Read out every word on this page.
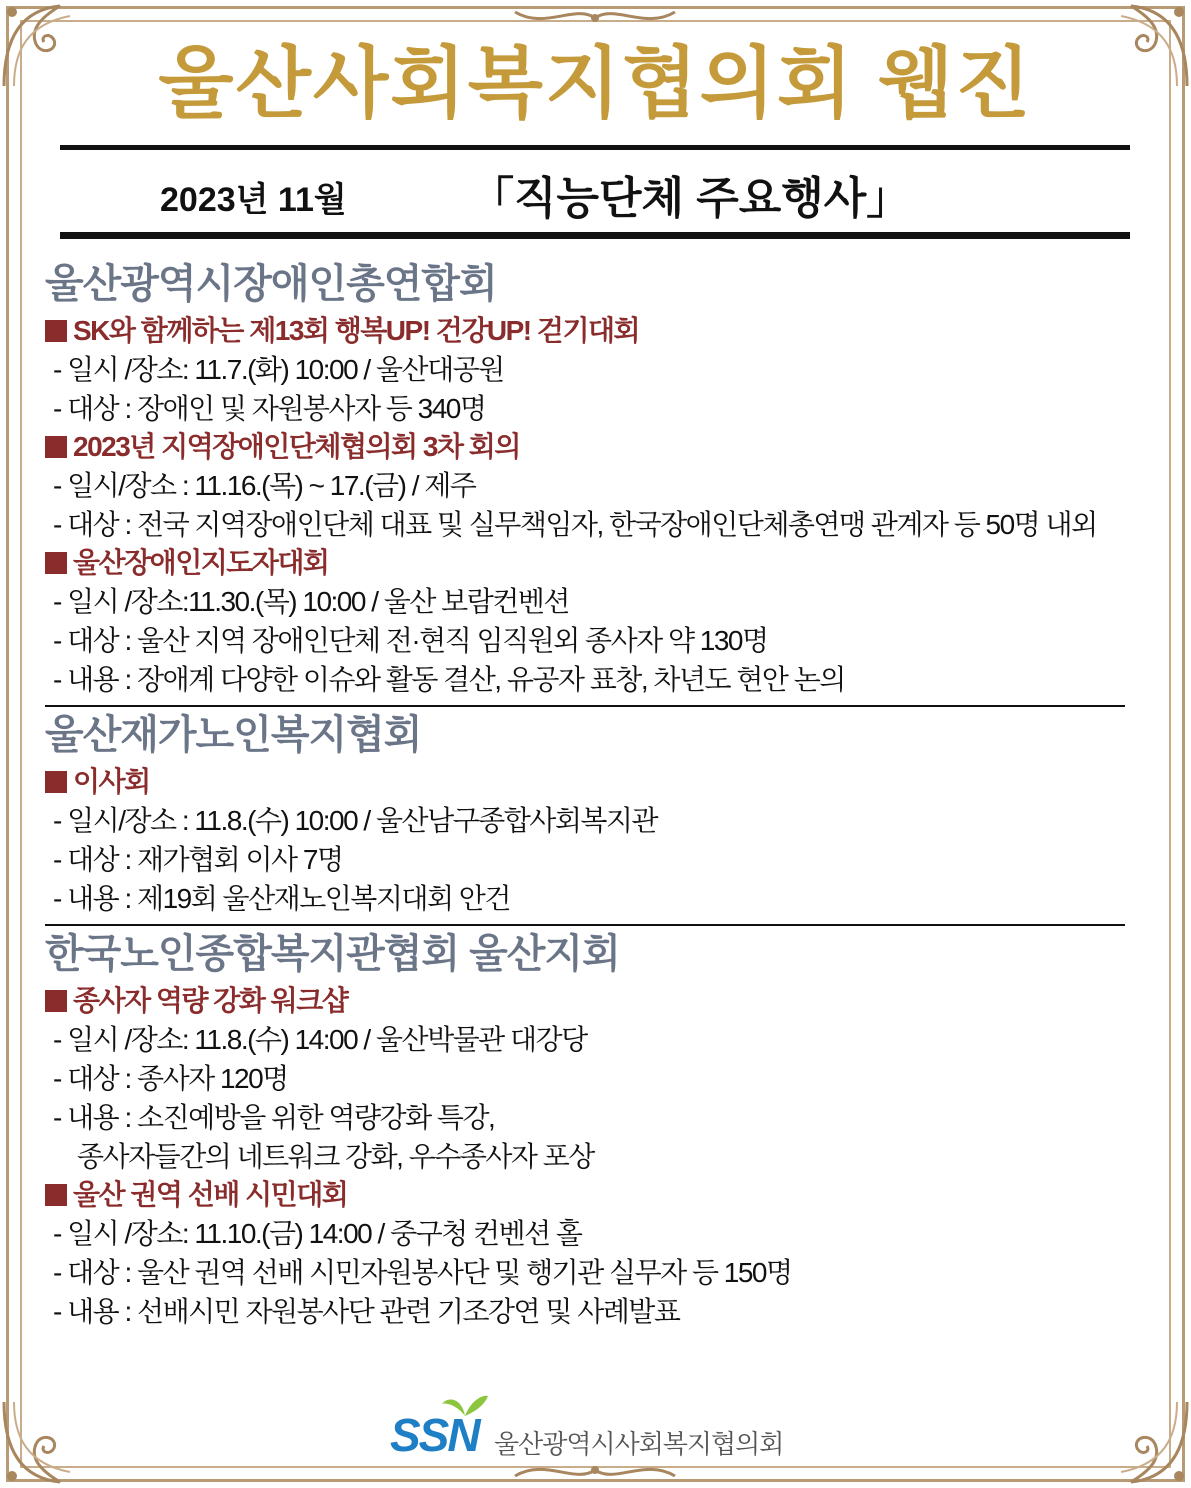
울산사회복지협의회 웹진
2023년 11월	「직능단체 주요행사」
울산광역시장애인총연합회
SK와 함께하는 제13회 행복UP! 건강UP! 걷기대회
- 일시 /장소: 11.7.(화) 10:00 / 울산대공원
- 대상 : 장애인 및 자원봉사자 등 340명
2023년 지역장애인단체협의회 3차 회의
- 일시/장소 : 11.16.(목) ~ 17.(금) / 제주
- 대상 : 전국 지역장애인단체 대표 및 실무책임자, 한국장애인단체총연맹 관계자 등 50명 내외
울산장애인지도자대회
- 일시 /장소:11.30.(목) 10:00 / 울산 보람컨벤션
- 대상 : 울산 지역 장애인단체 전·현직 임직원외 종사자 약 130명
- 내용 : 장애계 다양한 이슈와 활동 결산, 유공자 표창, 차년도 현안 논의
울산재가노인복지협회
이사회
- 일시/장소 : 11.8.(수) 10:00 / 울산남구종합사회복지관
- 대상 : 재가협회 이사 7명
- 내용 : 제19회 울산재노인복지대회 안건
한국노인종합복지관협회 울산지회
종사자 역량 강화 워크샵
- 일시 /장소: 11.8.(수) 14:00 / 울산박물관 대강당
- 대상 : 종사자 120명
- 내용 : 소진예방을 위한 역량강화 특강,
종사자들간의 네트워크 강화, 우수종사자 포상
울산 권역 선배 시민대회
- 일시 /장소: 11.10.(금) 14:00 / 중구청 컨벤션 홀
- 대상 : 울산 권역 선배 시민자원봉사단 및 행기관 실무자 등 150명
- 내용 : 선배시민 자원봉사단 관련 기조강연 및 사례발표
SSN 울산광역시사회복지협의회
